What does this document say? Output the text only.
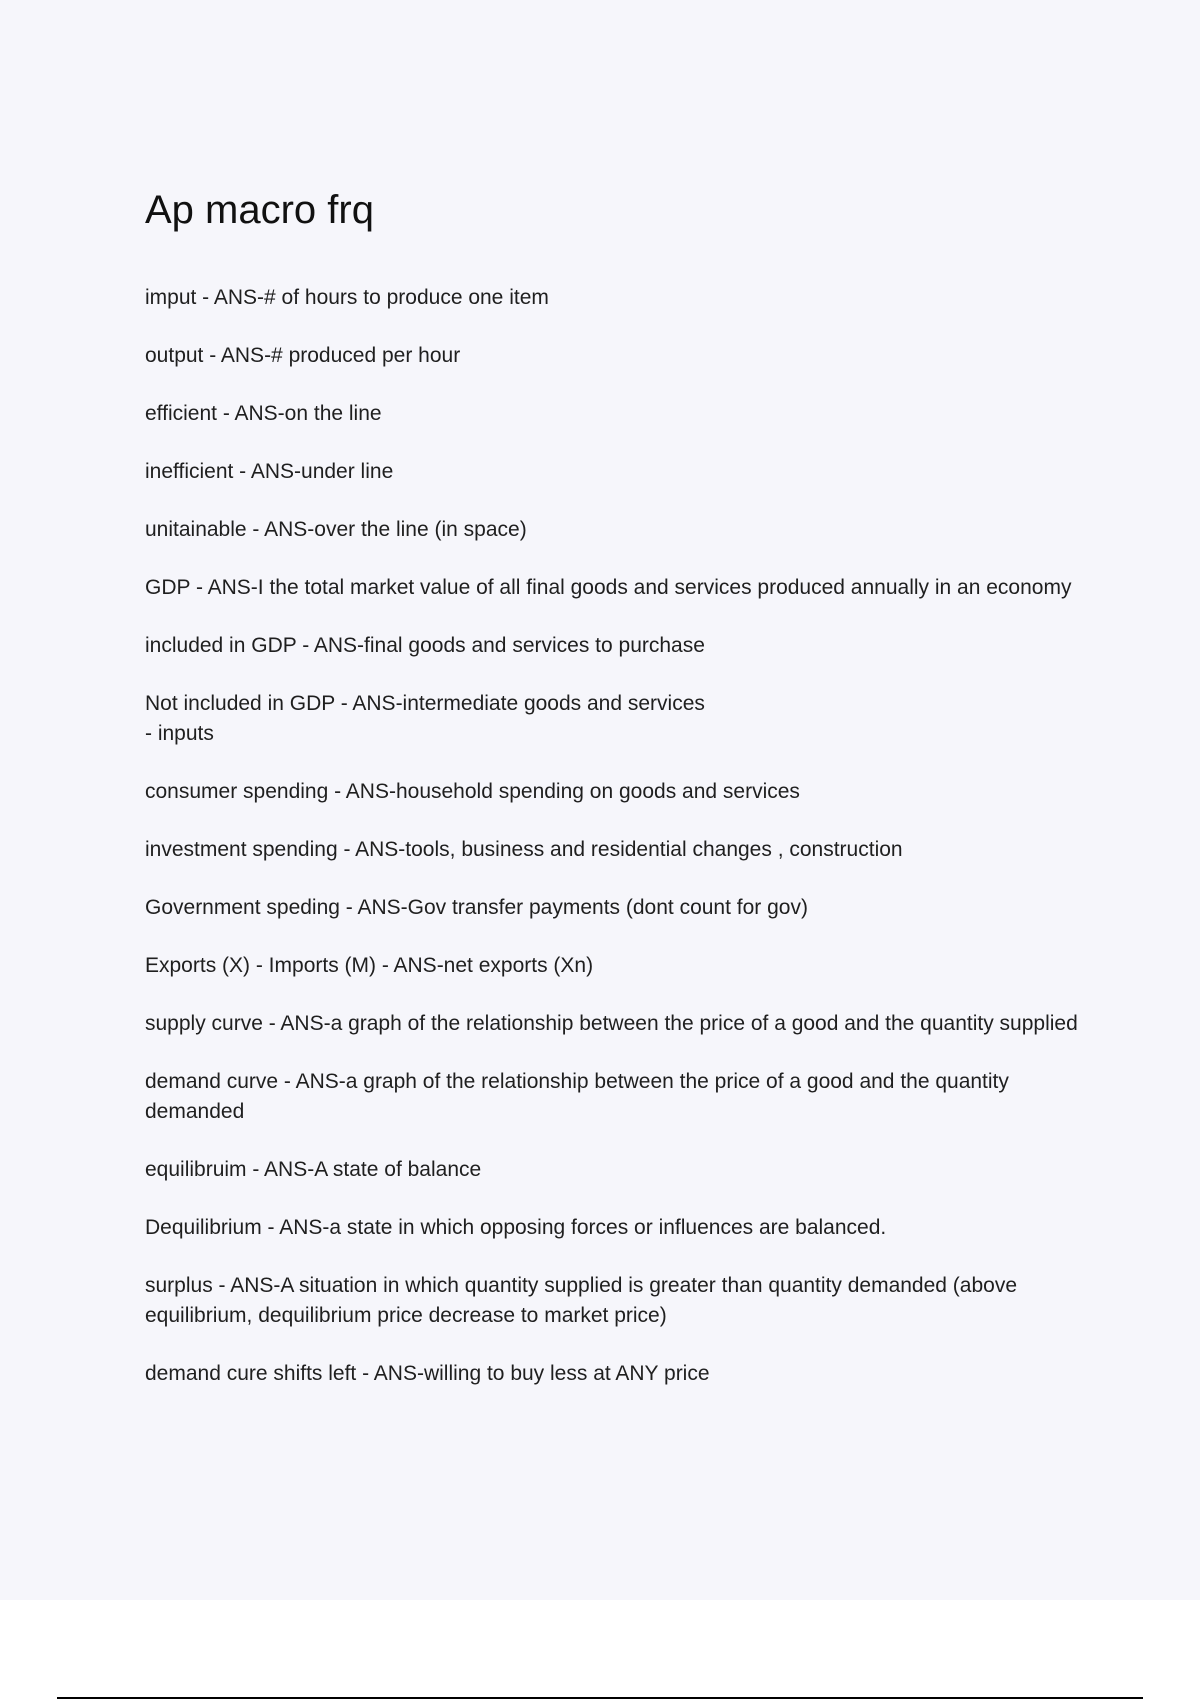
Ap macro frq

imput - ANS-# of hours to produce one item

output - ANS-# produced per hour

efficient - ANS-on the line

inefficient - ANS-under line

unitainable - ANS-over the line (in space)

GDP - ANS-I the total market value of all final goods and services produced annually in an economy

included in GDP - ANS-final goods and services to purchase

Not included in GDP - ANS-intermediate goods and services
- inputs

consumer spending - ANS-household spending on goods and services

investment spending - ANS-tools, business and residential changes , construction

Government speding - ANS-Gov transfer payments (dont count for gov)

Exports (X) - Imports (M) - ANS-net exports (Xn)

supply curve - ANS-a graph of the relationship between the price of a good and the quantity supplied

demand curve - ANS-a graph of the relationship between the price of a good and the quantity demanded

equilibruim - ANS-A state of balance

Dequilibrium - ANS-a state in which opposing forces or influences are balanced.

surplus - ANS-A situation in which quantity supplied is greater than quantity demanded (above equilibrium, dequilibrium price decrease to market price)

demand cure shifts left - ANS-willing to buy less at ANY price
